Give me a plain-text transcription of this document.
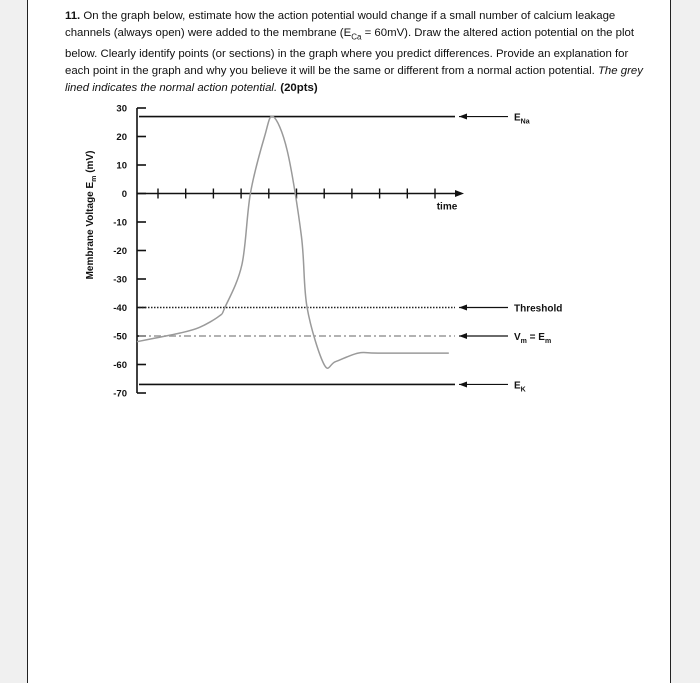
11. On the graph below, estimate how the action potential would change if a small number of calcium leakage channels (always open) were added to the membrane $(E_{Ca} = 60mV)$. Draw the altered action potential on the plot below. Clearly identify points (or sections) in the graph where you predict differences. Provide an explanation for each point in the graph and why you believe it will be the same or different from a normal action potential. The grey lined indicates the normal action potential. (20pts)
30
20
10
0
-10
-20
-30
-40
-50
-60
-70
Membrane Voltage $E_m$ (mV)
time
$E_{Na}$
Threshold
$V_m = E_m$
$E_K$
